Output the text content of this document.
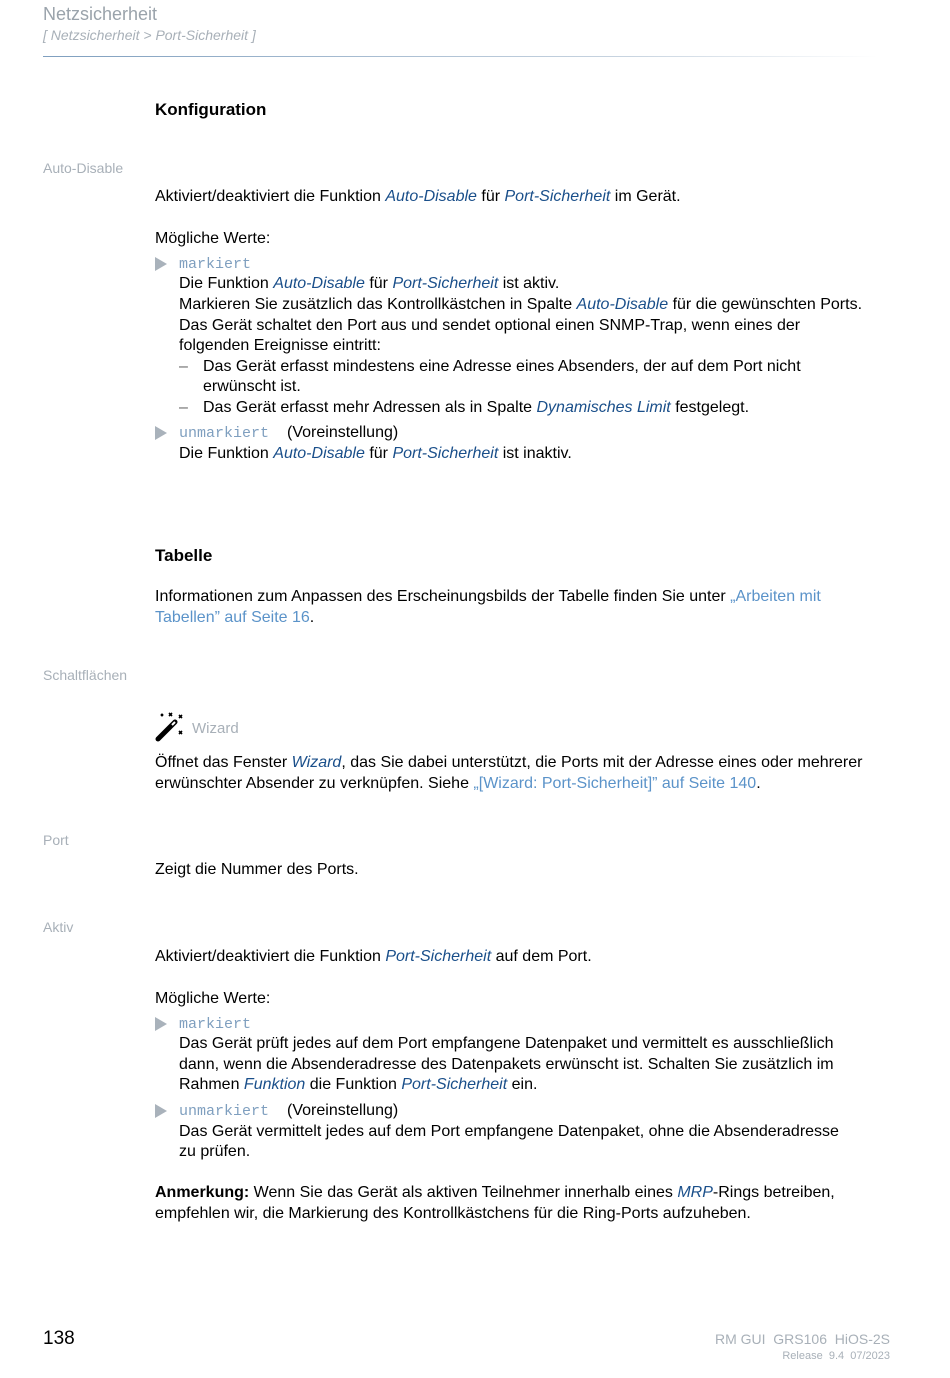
Netzsicherheit
[ Netzsicherheit > Port-Sicherheit ]
Konfiguration
Auto-Disable
Aktiviert/deaktiviert die Funktion Auto-Disable für Port-Sicherheit im Gerät.
Mögliche Werte:
markiert
Die Funktion Auto-Disable für Port-Sicherheit ist aktiv.
Markieren Sie zusätzlich das Kontrollkästchen in Spalte Auto-Disable für die gewünschten Ports.
Das Gerät schaltet den Port aus und sendet optional einen SNMP-Trap, wenn eines der
folgenden Ereignisse eintritt:
– Das Gerät erfasst mindestens eine Adresse eines Absenders, der auf dem Port nicht
erwünscht ist.
– Das Gerät erfasst mehr Adressen als in Spalte Dynamisches Limit festgelegt.
unmarkiert (Voreinstellung)
Die Funktion Auto-Disable für Port-Sicherheit ist inaktiv.
Tabelle
Informationen zum Anpassen des Erscheinungsbilds der Tabelle finden Sie unter „Arbeiten mit
Tabellen” auf Seite 16.
Schaltflächen
Wizard
Öffnet das Fenster Wizard, das Sie dabei unterstützt, die Ports mit der Adresse eines oder mehrerer
erwünschter Absender zu verknüpfen. Siehe „[Wizard: Port-Sicherheit]” auf Seite 140.
Port
Zeigt die Nummer des Ports.
Aktiv
Aktiviert/deaktiviert die Funktion Port-Sicherheit auf dem Port.
Mögliche Werte:
markiert
Das Gerät prüft jedes auf dem Port empfangene Datenpaket und vermittelt es ausschließlich
dann, wenn die Absenderadresse des Datenpakets erwünscht ist. Schalten Sie zusätzlich im
Rahmen Funktion die Funktion Port-Sicherheit ein.
unmarkiert (Voreinstellung)
Das Gerät vermittelt jedes auf dem Port empfangene Datenpaket, ohne die Absenderadresse
zu prüfen.
Anmerkung: Wenn Sie das Gerät als aktiven Teilnehmer innerhalb eines MRP-Rings betreiben,
empfehlen wir, die Markierung des Kontrollkästchens für die Ring-Ports aufzuheben.
138	RM GUI  GRS106  HiOS-2S
Release  9.4  07/2023
